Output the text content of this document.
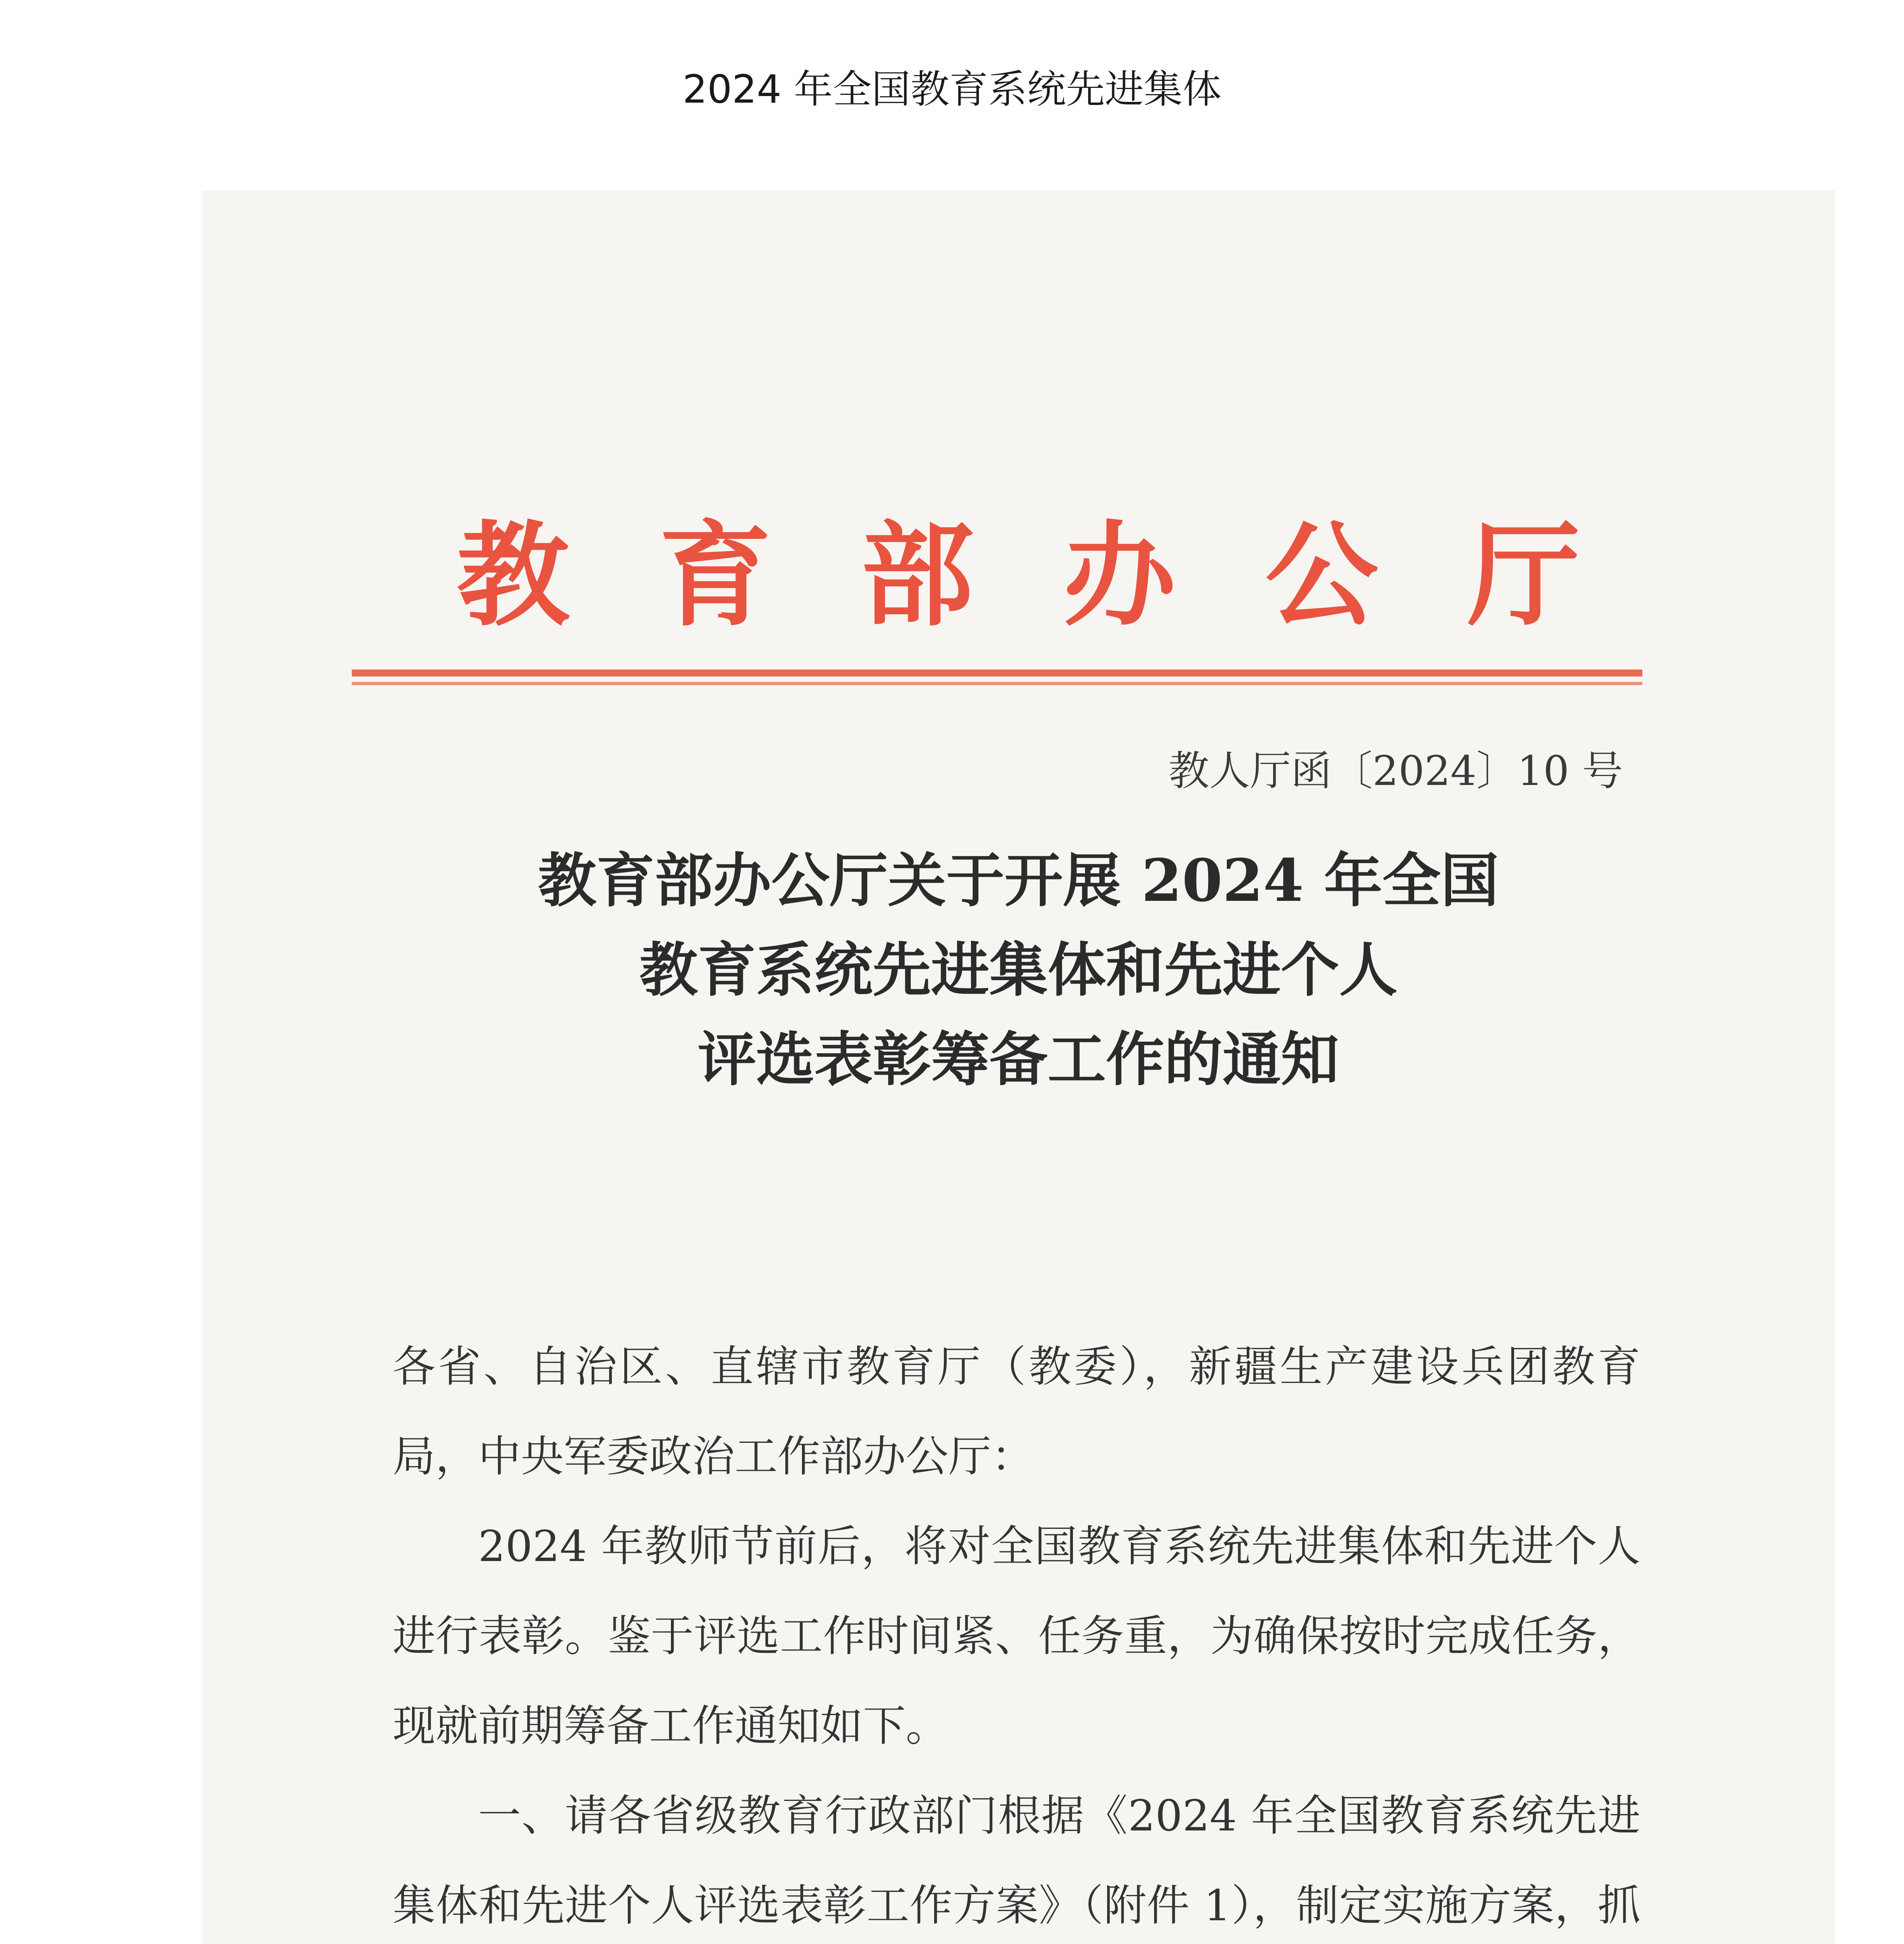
2024 年全国教育系统先进集体
教育部办公厅
教人厅函〔2024〕10 号
教育部办公厅关于开展 2024 年全国
教育系统先进集体和先进个人
评选表彰筹备工作的通知

各省、自治区、直辖市教育厅（教委），新疆生产建设兵团教育局，中央军委政治工作部办公厅：

2024 年教师节前后，将对全国教育系统先进集体和先进个人进行表彰。鉴于评选工作时间紧、任务重，为确保按时完成任务，现就前期筹备工作通知如下。

一、请各省级教育行政部门根据《2024 年全国教育系统先进集体和先进个人评选表彰工作方案》（附件 1），制定实施方案，抓
